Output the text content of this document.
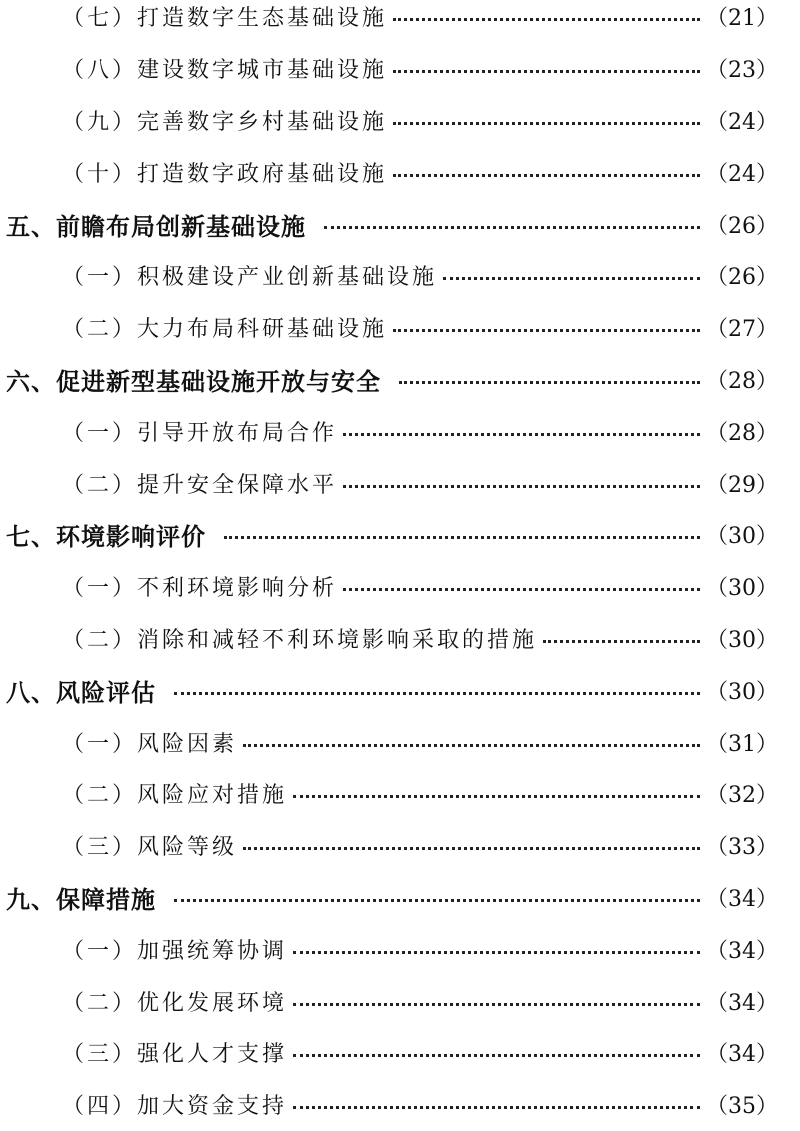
（七）打造数字生态基础设施	（21）
（八）建设数字城市基础设施	（23）
（九）完善数字乡村基础设施	（24）
（十）打造数字政府基础设施	（24）
五、前瞻布局创新基础设施	（26）
（一）积极建设产业创新基础设施	（26）
（二）大力布局科研基础设施	（27）
六、促进新型基础设施开放与安全	（28）
（一）引导开放布局合作	（28）
（二）提升安全保障水平	（29）
七、环境影响评价	（30）
（一）不利环境影响分析	（30）
（二）消除和减轻不利环境影响采取的措施	（30）
八、风险评估	（30）
（一）风险因素	（31）
（二）风险应对措施	（32）
（三）风险等级	（33）
九、保障措施	（34）
（一）加强统筹协调	（34）
（二）优化发展环境	（34）
（三）强化人才支撑	（34）
（四）加大资金支持	（35）
